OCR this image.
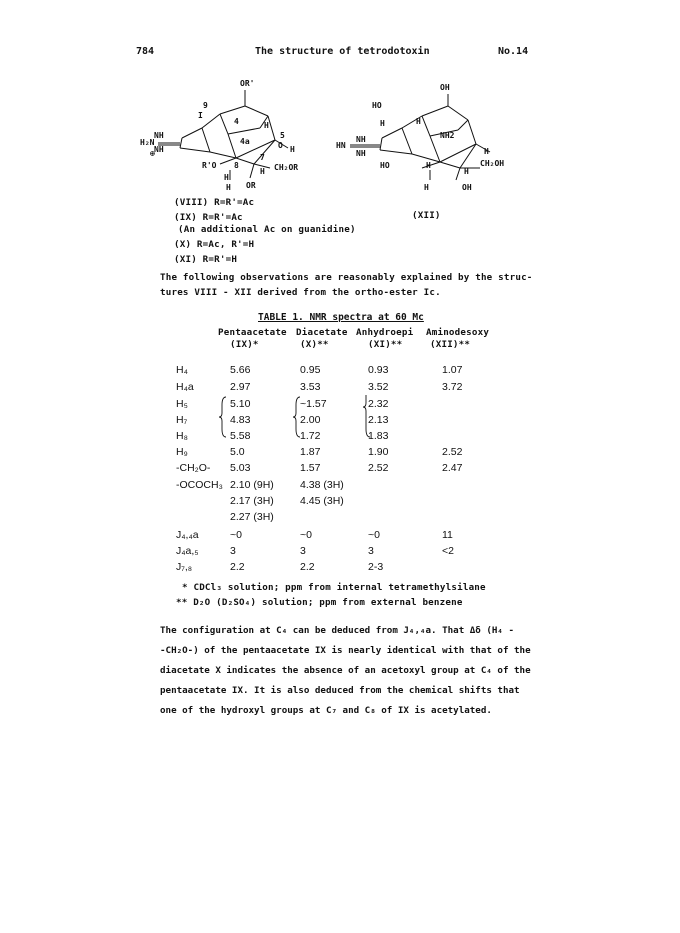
784	The structure of tetrodotoxin	No.14
OR'
9
I
4
4a
5
7
8
NH
NH
H₂N
⊕
R'O
O H
H
H
H
H CH₂OR
OR
OH
HO
H	H
NH2
H
HN
NH
NH
HO	H
H
CH₂OH
H
OH
(VIII) R=R'=Ac
(IX) R=R'=Ac	(XII)
(An additional Ac on guanidine)
(X) R=Ac, R'=H
(XI) R=R'=H
The following observations are reasonably explained by the struc-
tures VIII - XII derived from the ortho-ester Ic.
TABLE 1. NMR spectra at 60 Mc
Pentaacetate Diacetate Anhydroepi Aminodesoxy
(IX)*	(X)**	(XI)**	(XII)**
H₄	5.66	0.95	0.93	1.07
H₄a	2.97	3.53	3.52	3.72
H₅	5.10	~1.57	2.32
H₇	4.83	2.00	2.13
H₈	5.58	1.72	1.83
H₉	5.0	1.87	1.90	2.52
-CH₂O- 5.03	1.57	2.52	2.47
-OCOCH₃ 2.10 (9H) 4.38 (3H)
2.17 (3H) 4.45 (3H)
2.27 (3H)
J₄,₄a	~0	~0	~0	11
J₄a,₅	3	3	3	<2
J₇,₈	2.2	2.2	2-3
* CDCl₃ solution; ppm from internal tetramethylsilane
** D₂O (D₂SO₄) solution; ppm from external benzene
The configuration at C₄ can be deduced from J₄,₄a. That Δδ (H₄ -
-CH₂O-) of the pentaacetate IX is nearly identical with that of the
diacetate X indicates the absence of an acetoxyl group at C₄ of the
pentaacetate IX. It is also deduced from the chemical shifts that
one of the hydroxyl groups at C₇ and C₈ of IX is acetylated.
